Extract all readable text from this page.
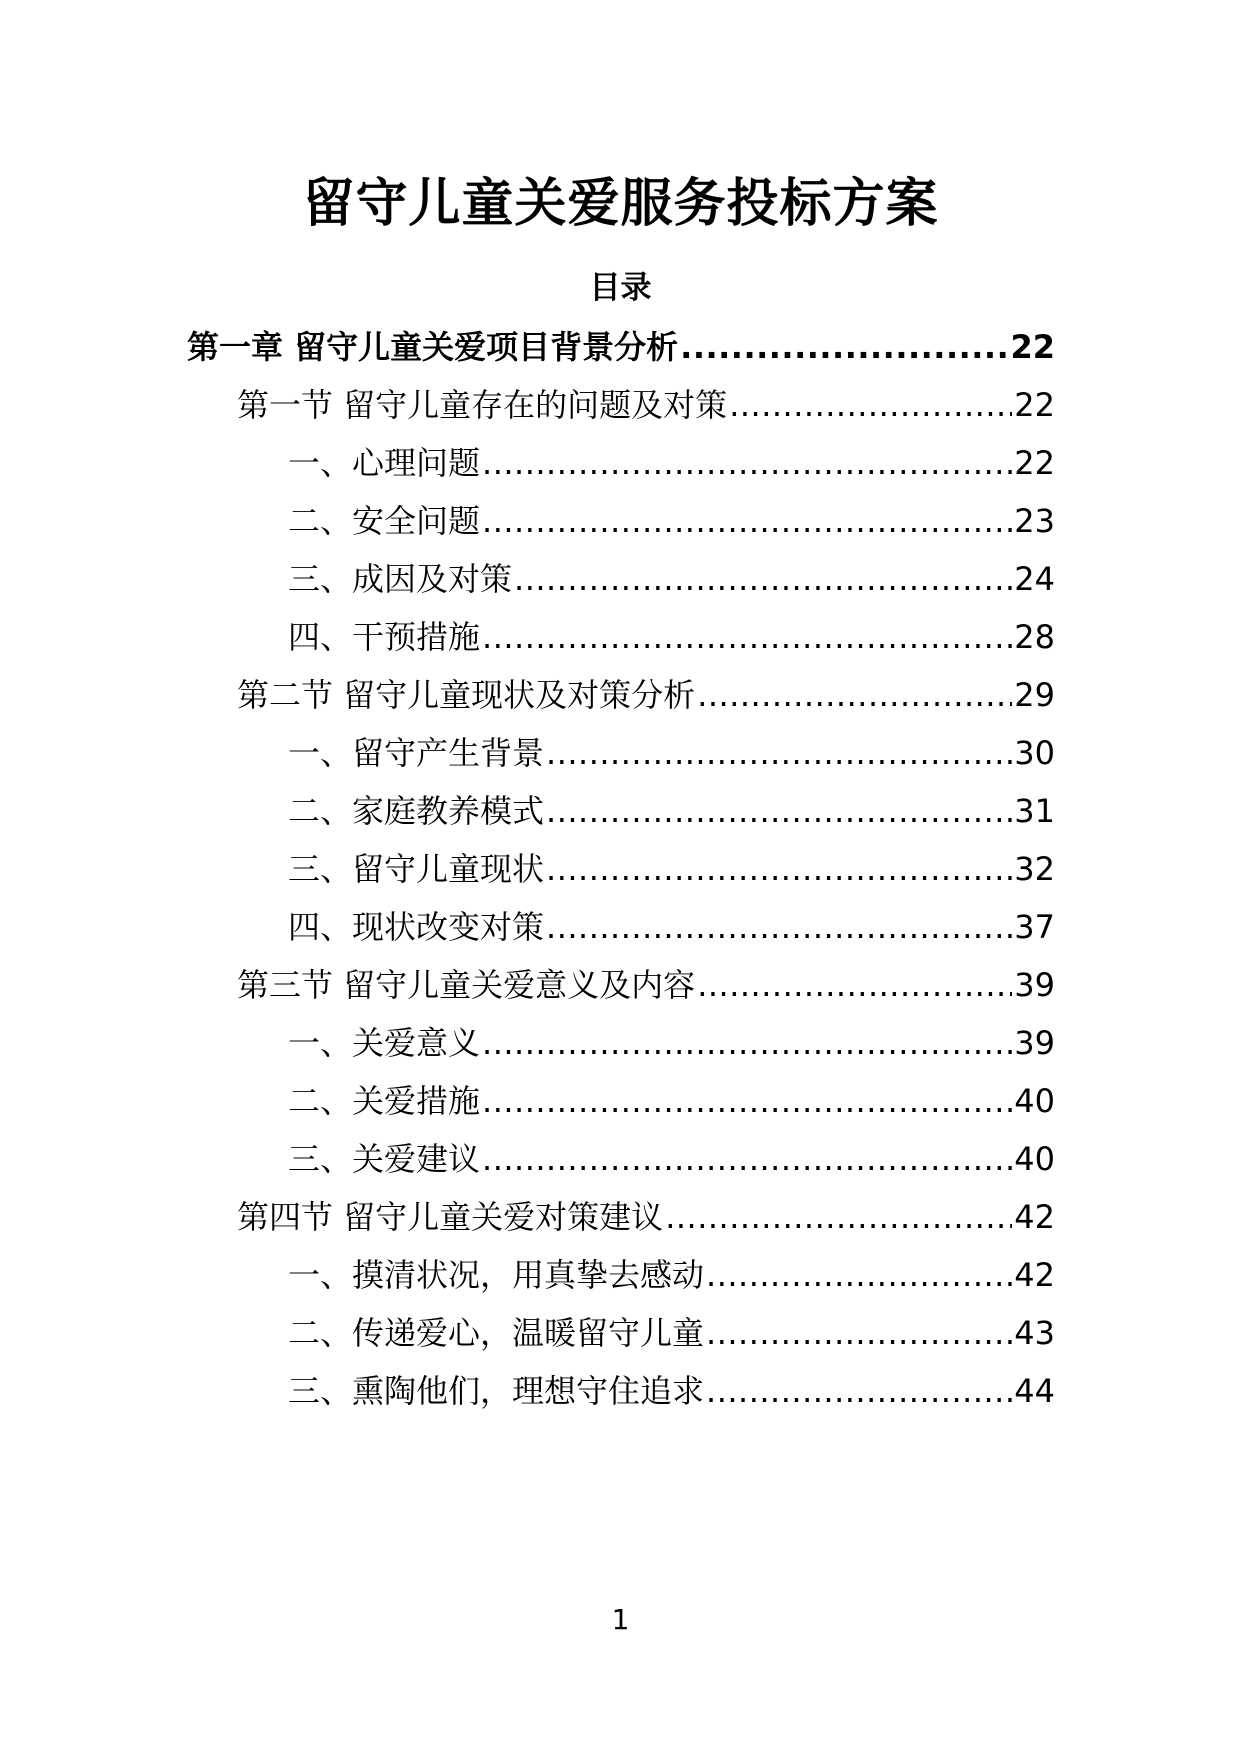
留守儿童关爱服务投标方案
目录
第一章 留守儿童关爱项目背景分析 .....	22
第一节 留守儿童存在的问题及对策 .....	22
一、心理问题 .....	22
二、安全问题 .....	23
三、成因及对策 .....	24
四、干预措施 .....	28
第二节 留守儿童现状及对策分析 .....	29
一、留守产生背景 .....	30
二、家庭教养模式 .....	31
三、留守儿童现状 .....	32
四、现状改变对策 .....	37
第三节 留守儿童关爱意义及内容 .....	39
一、关爱意义 .....	39
二、关爱措施 .....	40
三、关爱建议 .....	40
第四节 留守儿童关爱对策建议 .....	42
一、摸清状况，用真挚去感动 .....	42
二、传递爱心，温暖留守儿童 .....	43
三、熏陶他们，理想守住追求 .....	44
1
